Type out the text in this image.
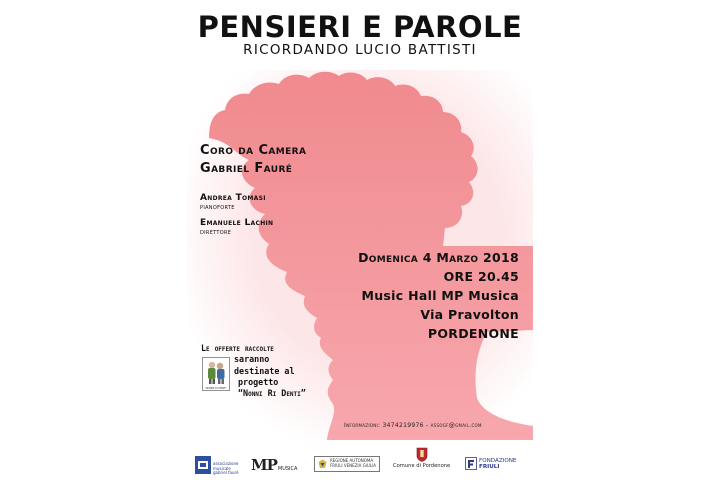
PENSIERI E PAROLE
RICORDANDO LUCIO BATTISTI
Coro da Camera
Gabriel Fauré
Andrea Tomasi
PIANOFORTE
Emanuele Lachin
DIRETTORE
Domenica 4 Marzo 2018
ORE 20.45
Music Hall MP Musica
Via Pravolton
PORDENONE
Le offerte raccolte
saranno
destinate al
progetto
“Nonni Ri Denti”
NONNI RI DENTI
Informazioni: 3474219976 - assogf@gmail.com
associazione
musicale
gabriel fauré MP MUSICA
REGIONE AUTONOMA
FRIULI VENEZIA GIULIA	Comune di Pordenone
FONDAZIONE
FRIULI
